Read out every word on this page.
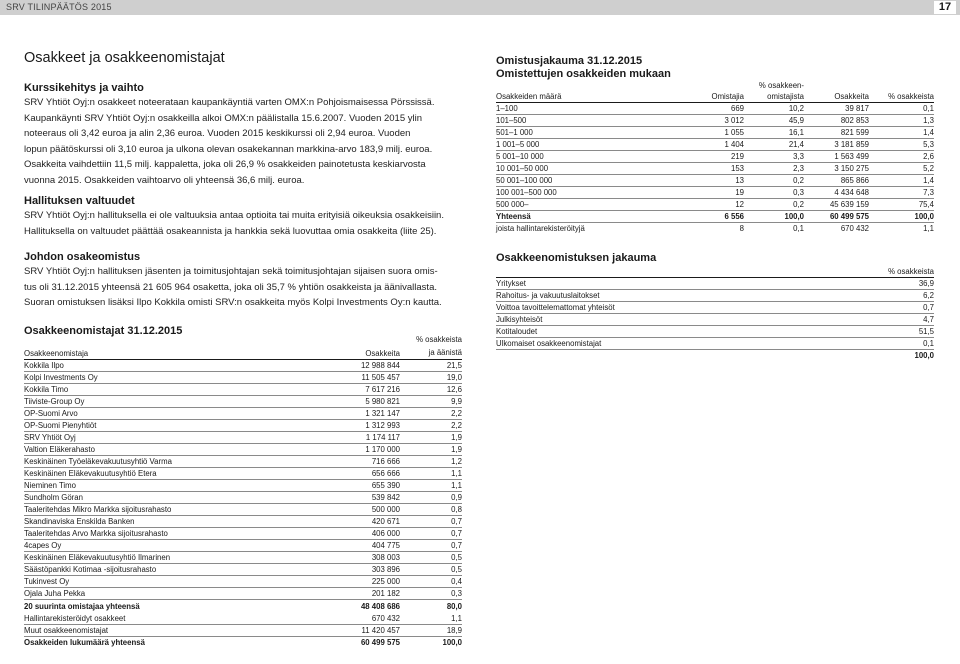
SRV TILINPÄÄTÖS 2015	17
Osakkeet ja osakkeenomistajat
Kurssikehitys ja vaihto
SRV Yhtiöt Oyj:n osakkeet noteerataan kaupankäyntiä varten OMX:n Pohjoismaisessa Pörssissä.
Kaupankäynti SRV Yhtiöt Oyj:n osakkeilla alkoi OMX:n päälistalla 15.6.2007. Vuoden 2015 ylin
noteeraus oli 3,42 euroa ja alin 2,36 euroa. Vuoden 2015 keskikurssi oli 2,94 euroa. Vuoden
lopun päätöskurssi oli 3,10 euroa ja ulkona olevan osakekannan markkina-arvo 183,9 milj. euroa.
Osakkeita vaihdettiin 11,5 milj. kappaletta, joka oli 26,9 % osakkeiden painotetusta keskiarvosta
vuonna 2015. Osakkeiden vaihtoarvo oli yhteensä 36,6 milj. euroa.
Hallituksen valtuudet
SRV Yhtiöt Oyj:n hallituksella ei ole valtuuksia antaa optioita tai muita erityisiä oikeuksia osakkeisiin.
Hallituksella on valtuudet päättää osakeannista ja hankkia sekä luovuttaa omia osakkeita (liite 25).
Johdon osakeomistus
SRV Yhtiöt Oyj:n hallituksen jäsenten ja toimitusjohtajan sekä toimitusjohtajan sijaisen suora omis-
tus oli 31.12.2015 yhteensä 21 605 964 osaketta, joka oli 35,7 % yhtiön osakkeista ja äänivallasta.
Suoran omistuksen lisäksi Ilpo Kokkila omisti SRV:n osakkeita myös Kolpi Investments Oy:n kautta.
Osakkeenomistajat 31.12.2015
Osakkeenomistaja	Osakkeita	% osakkeista
ja äänistä

Kokkila Ilpo	12 988 844	21,5
Kolpi Investments Oy	11 505 457	19,0
Kokkila Timo	7 617 216	12,6
Tiiviste-Group Oy	5 980 821	9,9
OP-Suomi Arvo	1 321 147	2,2
OP-Suomi Pienyhtiöt	1 312 993	2,2
SRV Yhtiöt Oyj	1 174 117	1,9
Valtion Eläkerahasto	1 170 000	1,9
Keskinäinen Työeläkevakuutusyhtiö Varma	716 666	1,2
Keskinäinen Eläkevakuutusyhtiö Etera	656 666	1,1
Nieminen Timo	655 390	1,1
Sundholm Göran	539 842	0,9
Taaleritehdas Mikro Markka sijoitusrahasto	500 000	0,8
Skandinaviska Enskilda Banken	420 671	0,7
Taaleritehdas Arvo Markka sijoitusrahasto	406 000	0,7
4capes Oy	404 775	0,7
Keskinäinen Eläkevakuutusyhtiö Ilmarinen	308 003	0,5
Säästöpankki Kotimaa -sijoitusrahasto	303 896	0,5
Tukinvest Oy	225 000	0,4
Ojala Juha Pekka	201 182	0,3
20 suurinta omistajaa yhteensä	48 408 686	80,0
Hallintarekisteröidyt osakkeet	670 432	1,1
Muut osakkeenomistajat	11 420 457	18,9
Osakkeiden lukumäärä yhteensä	60 499 575	100,0
Omistusjakauma 31.12.2015
Omistettujen osakkeiden mukaan
Osakkeiden määrä	Omistajia	% osakkeen-
omistajista	Osakkeita	% osakkeista
1–100	669	10,2	39 817	0,1
101–500	3 012	45,9	802 853	1,3
501–1 000	1 055	16,1	821 599	1,4
1 001–5 000	1 404	21,4	3 181 859	5,3
5 001–10 000	219	3,3	1 563 499	2,6
10 001–50 000	153	2,3	3 150 275	5,2
50 001–100 000	13	0,2	865 866	1,4
100 001–500 000	19	0,3	4 434 648	7,3
500 000–	12	0,2	45 639 159	75,4
Yhteensä	6 556	100,0	60 499 575	100,0
joista hallintarekisteröityjä	8	0,1	670 432	1,1
Osakkeenomistuksen jakauma
	% osakkeista
Yritykset	36,9
Rahoitus- ja vakuutuslaitokset	6,2
Voittoa tavoittelemattomat yhteisöt	0,7
Julkisyhteisöt	4,7
Kotitaloudet	51,5
Ulkomaiset osakkeenomistajat	0,1
	100,0
